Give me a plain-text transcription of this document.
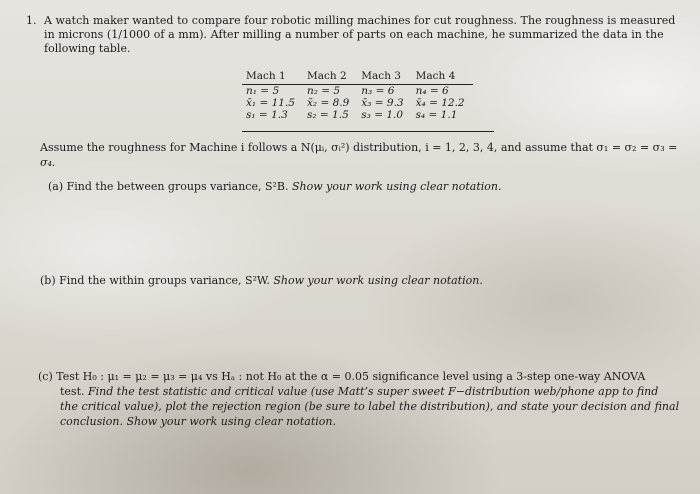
1. A watch maker wanted to compare four robotic milling machines for cut roughness. The roughness is measured
in microns (1/1000 of a mm). After milling a number of parts on each machine, he summarized the data in the
following table.
Mach 1	Mach 2	Mach 3	Mach 4
n₁ = 5	n₂ = 5	n₃ = 6	n₄ = 6
x̄₁ = 11.5	x̄₂ = 8.9	x̄₃ = 9.3	x̄₄ = 12.2
s₁ = 1.3	s₂ = 1.5	s₃ = 1.0	s₄ = 1.1
Assume the roughness for Machine i follows a N(μᵢ, σᵢ²) distribution, i = 1, 2, 3, 4, and assume that σ₁ = σ₂ = σ₃ =
σ₄.
(a) Find the between groups variance, S²B. Show your work using clear notation.
(b) Find the within groups variance, S²W. Show your work using clear notation.
(c) Test H₀ : μ₁ = μ₂ = μ₃ = μ₄ vs Hₐ : not H₀ at the α = 0.05 significance level using a 3-step one-way ANOVA
test. Find the test statistic and critical value (use Matt’s super sweet F−distribution web/phone app to find
the critical value), plot the rejection region (be sure to label the distribution), and state your decision and final
conclusion. Show your work using clear notation.
